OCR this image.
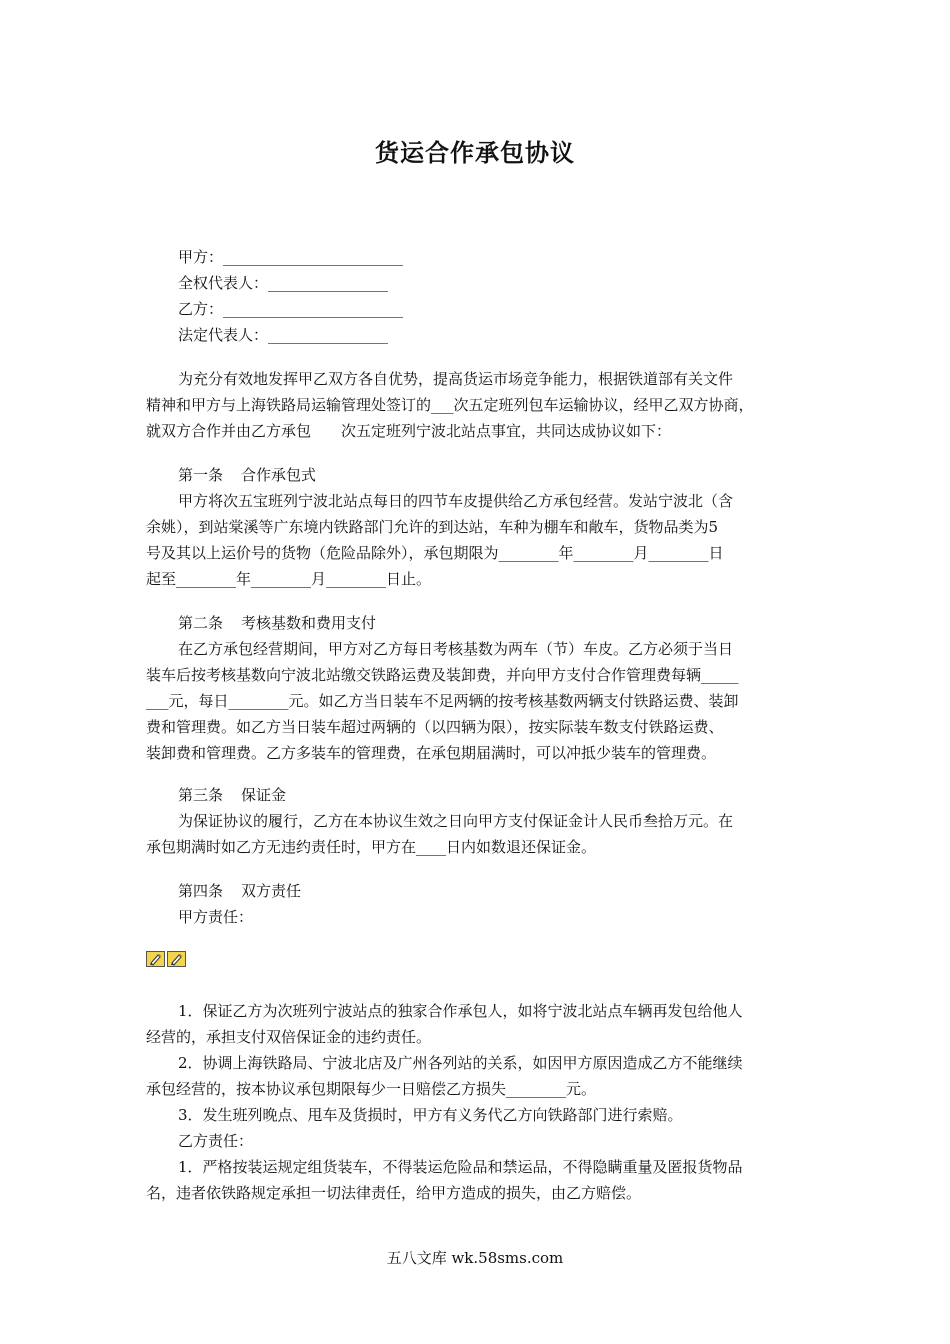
货运合作承包协议
甲方：________________________
全权代表人：________________
乙方：________________________
法定代表人：________________
为充分有效地发挥甲乙双方各自优势，提高货运市场竞争能力，根据铁道部有关文件
精神和甲方与上海铁路局运输管理处签订的___次五定班列包车运输协议，经甲乙双方协商，
就双方合作并由乙方承包　　次五定班列宁波北站点事宜，共同达成协议如下：
第一条 合作承包式
甲方将次五宝班列宁波北站点每日的四节车皮提供给乙方承包经营。发站宁波北（含
余姚），到站棠溪等广东境内铁路部门允许的到达站，车种为棚车和敞车，货物品类为5
号及其以上运价号的货物（危险品除外），承包期限为________年________月________日
起至________年________月________日止。
第二条 考核基数和费用支付
在乙方承包经营期间，甲方对乙方每日考核基数为两车（节）车皮。乙方必须于当日
装车后按考核基数向宁波北站缴交铁路运费及装卸费，并向甲方支付合作管理费每辆_____
___元，每日________元。如乙方当日装车不足两辆的按考核基数两辆支付铁路运费、装卸
费和管理费。如乙方当日装车超过两辆的（以四辆为限），按实际装车数支付铁路运费、
装卸费和管理费。乙方多装车的管理费，在承包期届满时，可以冲抵少装车的管理费。
第三条 保证金
为保证协议的履行，乙方在本协议生效之日向甲方支付保证金计人民币叁拾万元。在
承包期满时如乙方无违约责任时，甲方在____日内如数退还保证金。
第四条 双方责任
甲方责任：
1．保证乙方为次班列宁波站点的独家合作承包人，如将宁波北站点车辆再发包给他人
经营的，承担支付双倍保证金的违约责任。
2．协调上海铁路局、宁波北店及广州各列站的关系，如因甲方原因造成乙方不能继续
承包经营的，按本协议承包期限每少一日赔偿乙方损失________元。
3．发生班列晚点、甩车及货损时，甲方有义务代乙方向铁路部门进行索赔。
乙方责任：
1．严格按装运规定组货装车，不得装运危险品和禁运品，不得隐瞒重量及匿报货物品
名，违者依铁路规定承担一切法律责任，给甲方造成的损失，由乙方赔偿。
五八文库 wk.58sms.com
